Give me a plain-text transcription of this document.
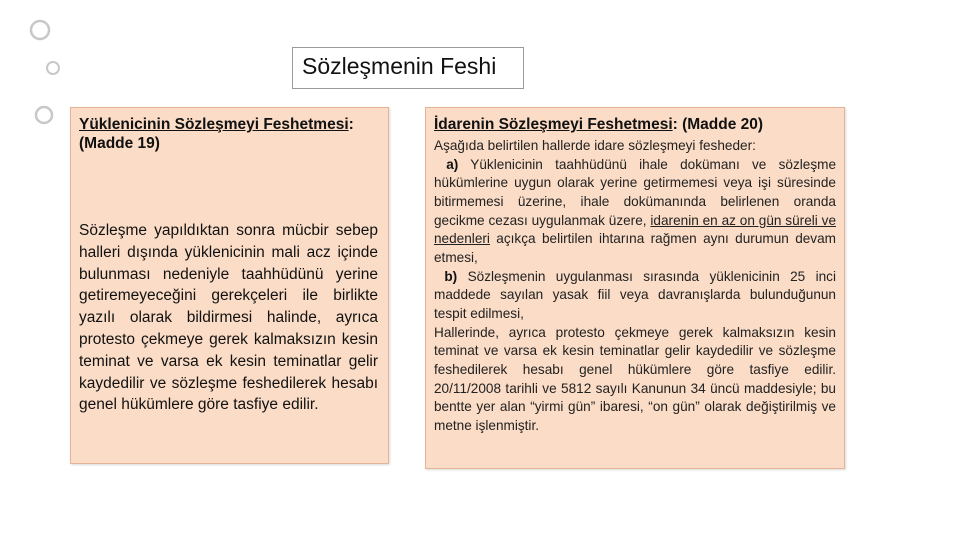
Sözleşmenin Feshi
Yüklenicinin Sözleşmeyi Feshetmesi:
(Madde 19)
Sözleşme yapıldıktan sonra mücbir sebep halleri dışında yüklenicinin mali acz içinde bulunması nedeniyle taahhüdünü yerine getiremeyeceğini gerekçeleri ile birlikte yazılı olarak bildirmesi halinde, ayrıca protesto çekmeye gerek kalmaksızın kesin teminat ve varsa ek kesin teminatlar gelir kaydedilir ve sözleşme feshedilerek hesabı genel hükümlere göre tasfiye edilir.
İdarenin Sözleşmeyi Feshetmesi: (Madde 20)

Aşağıda belirtilen hallerde idare sözleşmeyi fesheder:

a) Yüklenicinin taahhüdünü ihale dokümanı ve sözleşme hükümlerine uygun olarak yerine getirmemesi veya işi süresinde bitirmemesi üzerine, ihale dokümanında belirlenen oranda gecikme cezası uygulanmak üzere, idarenin en az on gün süreli ve nedenleri açıkça belirtilen ihtarına rağmen aynı durumun devam etmesi,

b) Sözleşmenin uygulanması sırasında yüklenicinin 25 inci maddede sayılan yasak fiil veya davranışlarda bulunduğunun tespit edilmesi,

Hallerinde, ayrıca protesto çekmeye gerek kalmaksızın kesin teminat ve varsa ek kesin teminatlar gelir kaydedilir ve sözleşme feshedilerek hesabı genel hükümlere göre tasfiye edilir. 20/11/2008 tarihli ve 5812 sayılı Kanunun 34 üncü maddesiyle; bu bentte yer alan “yirmi gün” ibaresi, “on gün” olarak değiştirilmiş ve metne işlenmiştir.
